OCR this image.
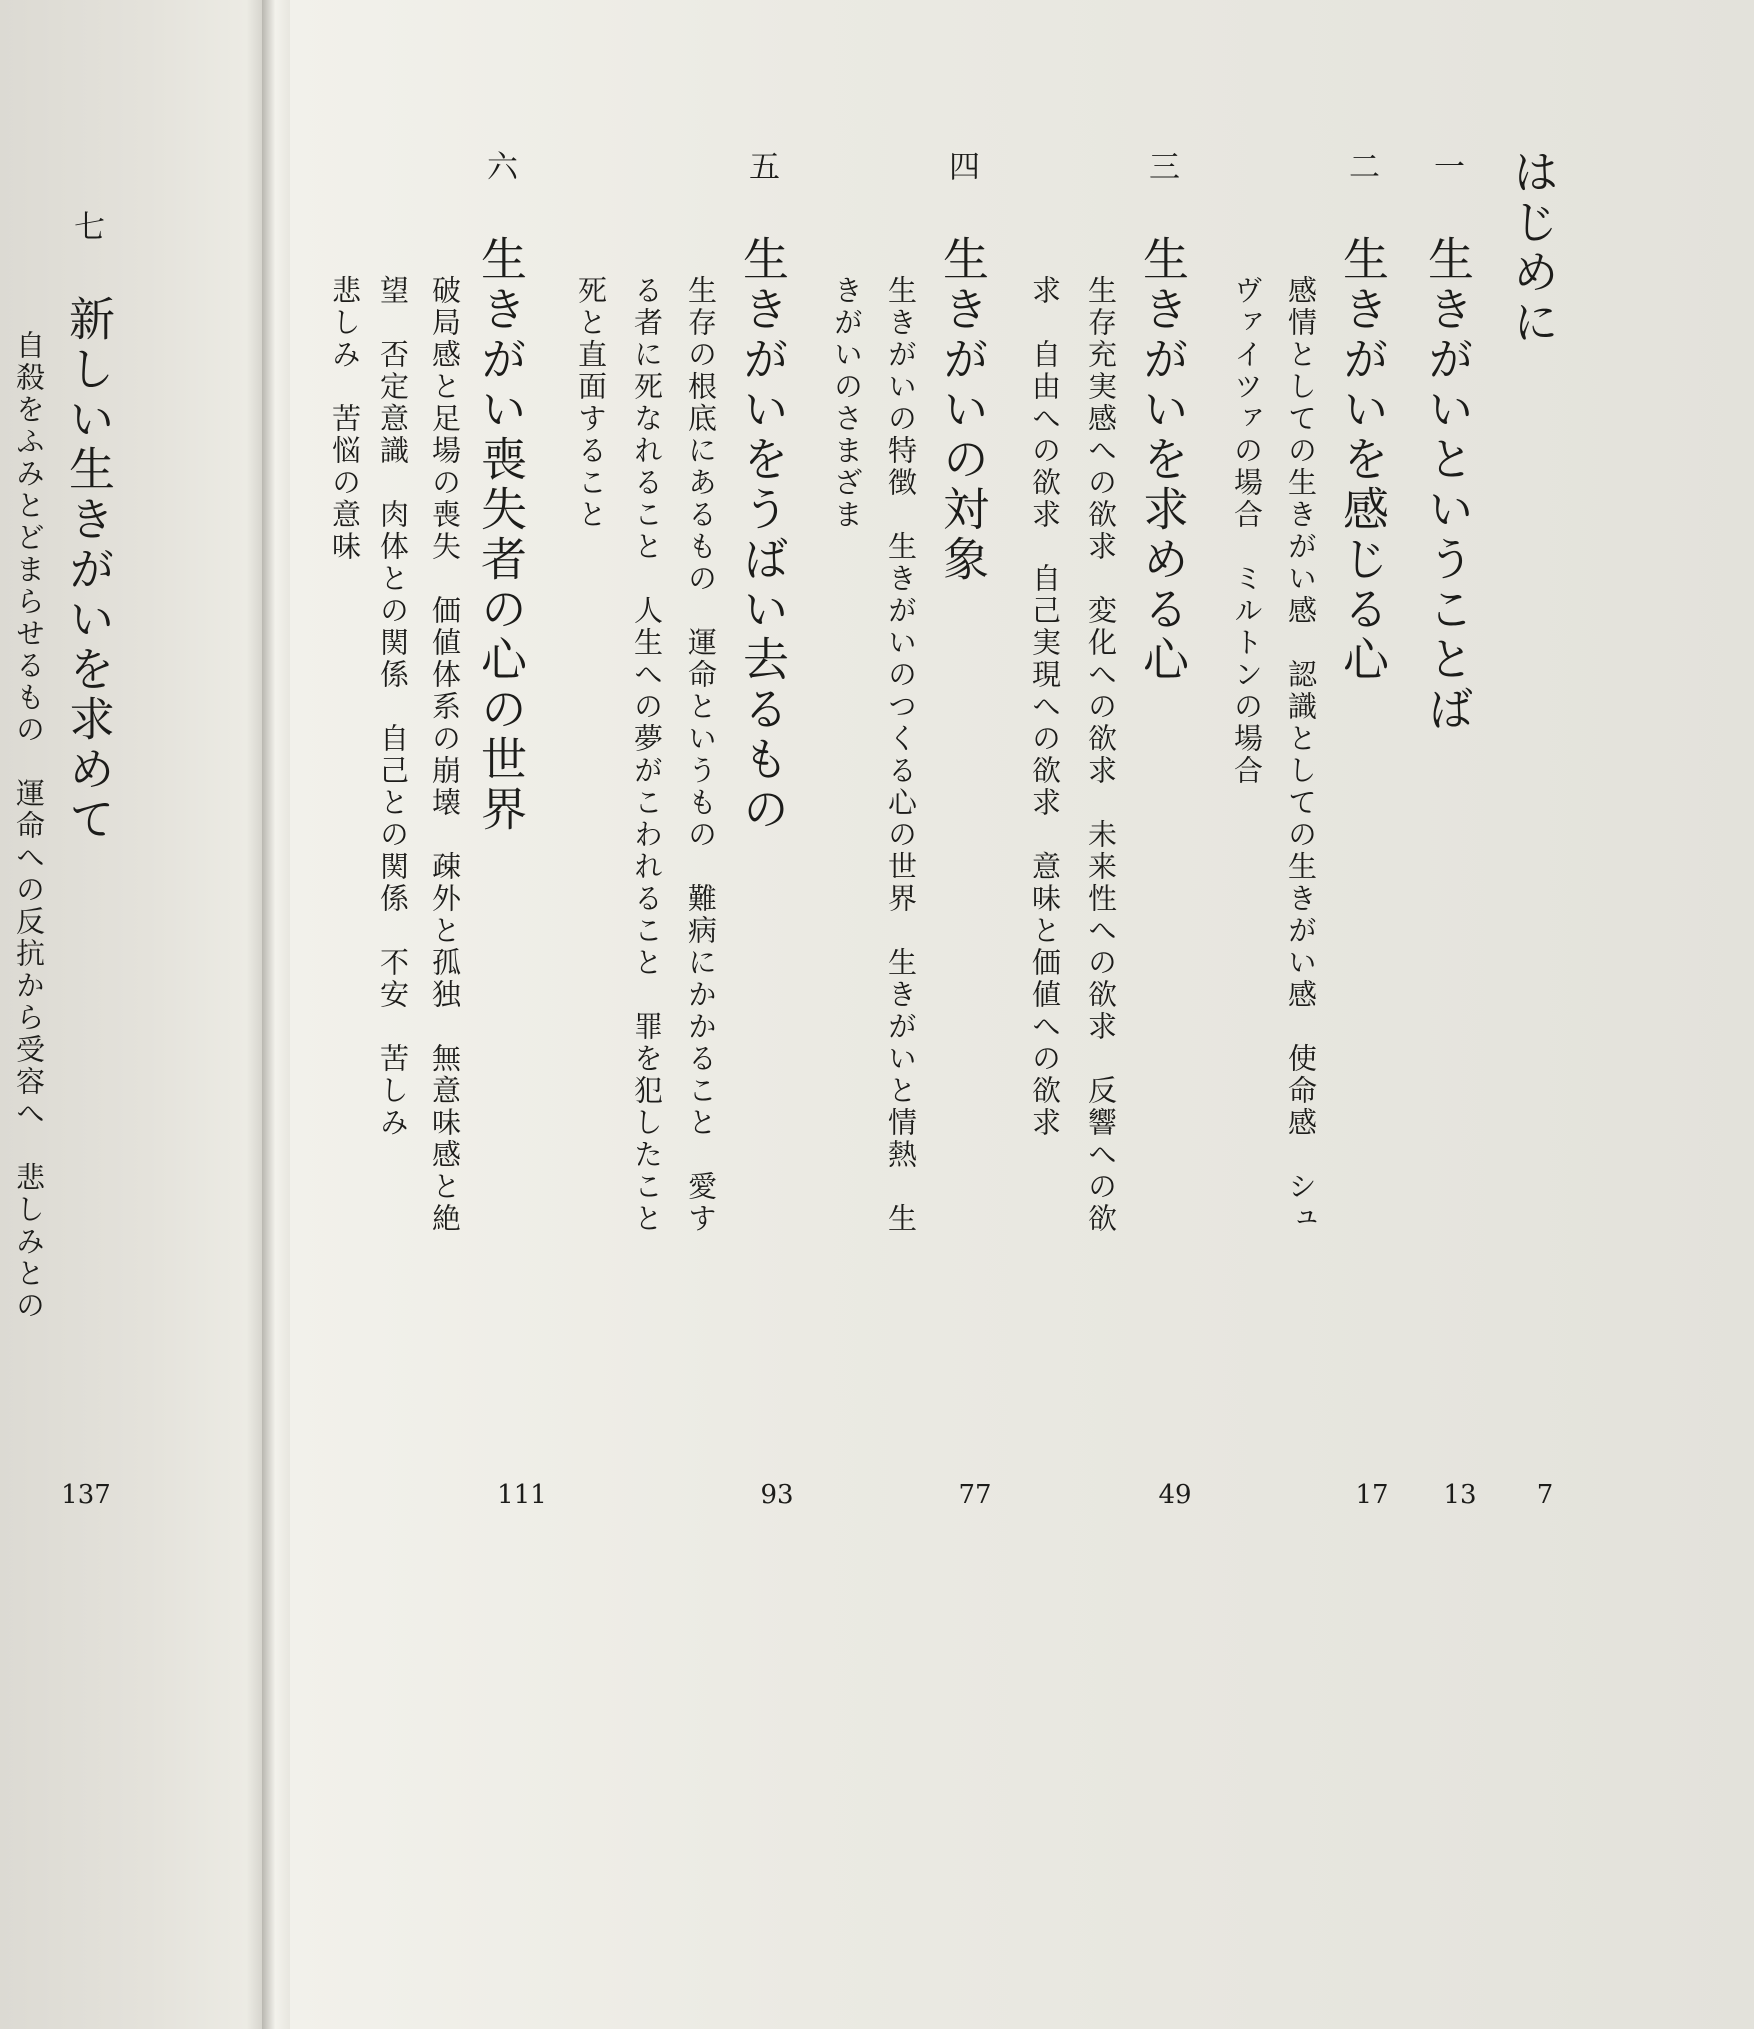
はじめに
7
一
生きがいということば
13
二
生きがいを感じる心
感情としての生きがい感　認識としての生きがい感　使命感　シュ
ヴァイツァの場合　ミルトンの場合
17
三
生きがいを求める心
生存充実感への欲求　変化への欲求　未来性への欲求　反響への欲
求　自由への欲求　自己実現への欲求　意味と価値への欲求
49
四
生きがいの対象
生きがいの特徴　生きがいのつくる心の世界　生きがいと情熱　生
きがいのさまざま
77
五
生きがいをうばい去るもの
生存の根底にあるもの　運命というもの　難病にかかること　愛す
る者に死なれること　人生への夢がこわれること　罪を犯したこと
死と直面すること
93
六
生きがい喪失者の心の世界
破局感と足場の喪失　価値体系の崩壊　疎外と孤独　無意味感と絶
望　否定意識　肉体との関係　自己との関係　不安　苦しみ
悲しみ　苦悩の意味
111
七
新しい生きがいを求めて
自殺をふみとどまらせるもの　運命への反抗から受容へ　悲しみとの
137
